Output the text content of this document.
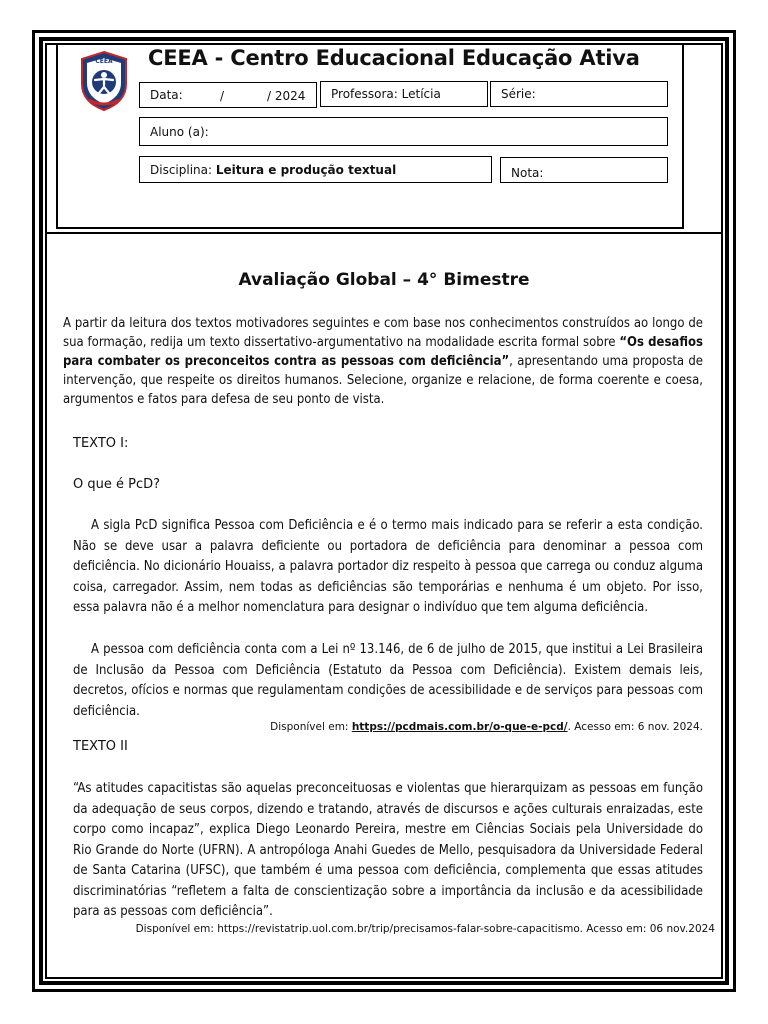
CEEA CEEA - Centro Educacional Educação Ativa
Data:	/	/ 2024 Professora: Letícia	Série:
Aluno (a):
Disciplina:
Leitura e produção textual	Nota:
Avaliação Global – 4° Bimestre
A partir da leitura dos textos motivadores seguintes e com base nos conhecimentos construídos ao longo de sua formação, redija um texto dissertativo-argumentativo na modalidade escrita formal sobre “Os desafios para combater os preconceitos contra as pessoas com deficiência”, apresentando uma proposta de intervenção, que respeite os direitos humanos. Selecione, organize e relacione, de forma coerente e coesa, argumentos e fatos para defesa de seu ponto de vista.
TEXTO I:
O que é PcD?
A sigla PcD significa Pessoa com Deficiência e é o termo mais indicado para se referir a esta condição. Não se deve usar a palavra deficiente ou portadora de deficiência para denominar a pessoa com deficiência. No dicionário Houaiss, a palavra portador diz respeito à pessoa que carrega ou conduz alguma coisa, carregador. Assim, nem todas as deficiências são temporárias e nenhuma é um objeto. Por isso, essa palavra não é a melhor nomenclatura para designar o indivíduo que tem alguma deficiência.
A pessoa com deficiência conta com a Lei nº 13.146, de 6 de julho de 2015, que institui a Lei Brasileira de Inclusão da Pessoa com Deficiência (Estatuto da Pessoa com Deficiência). Existem demais leis, decretos, ofícios e normas que regulamentam condições de acessibilidade e de serviços para pessoas com deficiência.
Disponível em: https://pcdmais.com.br/o-que-e-pcd/. Acesso em: 6 nov. 2024.
TEXTO II
“As atitudes capacitistas são aquelas preconceituosas e violentas que hierarquizam as pessoas em função da adequação de seus corpos, dizendo e tratando, através de discursos e ações culturais enraizadas, este corpo como incapaz”, explica Diego Leonardo Pereira, mestre em Ciências Sociais pela Universidade do Rio Grande do Norte (UFRN). A antropóloga Anahi Guedes de Mello, pesquisadora da Universidade Federal de Santa Catarina (UFSC), que também é uma pessoa com deficiência, complementa que essas atitudes discriminatórias “refletem a falta de conscientização sobre a importância da inclusão e da acessibilidade para as pessoas com deficiência”.
Disponível em: https://revistatrip.uol.com.br/trip/precisamos-falar-sobre-capacitismo. Acesso em: 06 nov.2024
